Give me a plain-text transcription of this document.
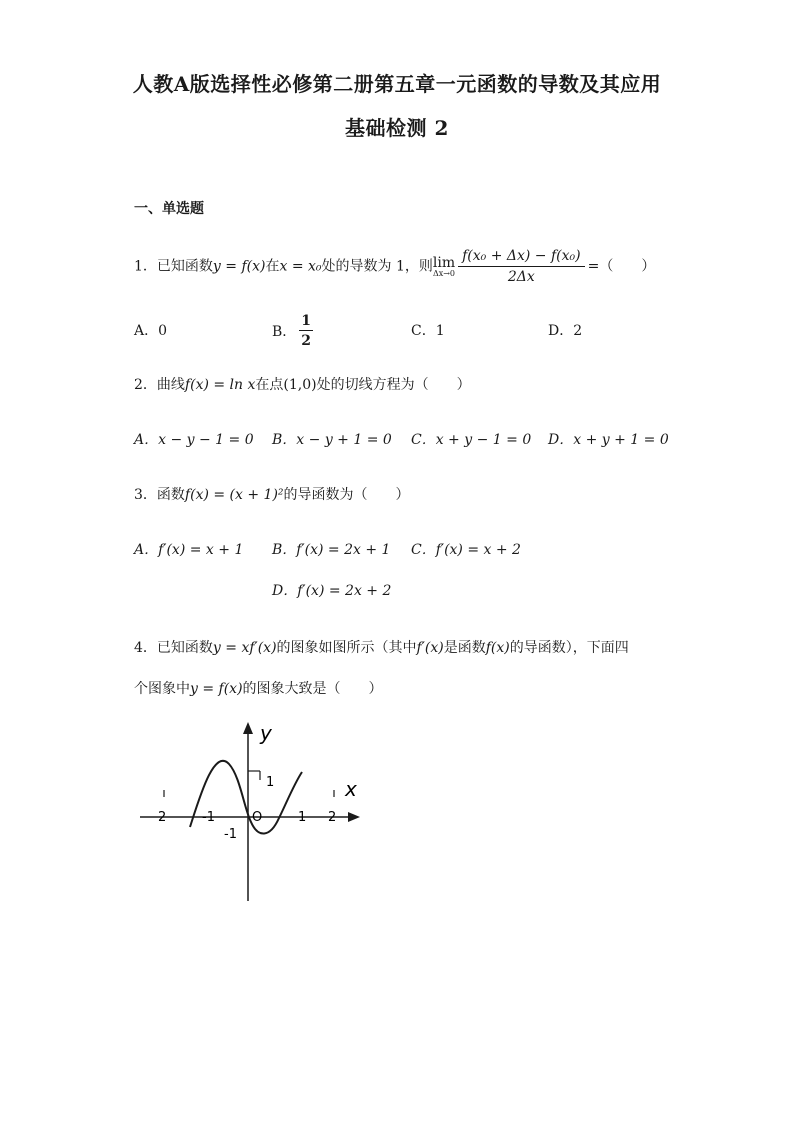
人教A版选择性必修第二册第五章一元函数的导数及其应用
基础检测 2
一、单选题
1．已知函数y = f(x)在x = x₀处的导数为 1，则lim
$\Delta x\to 0 \frac{\text{f(x₀ + Δx) − f(x₀)}}{2\Delta x}$ =（　　）
A．0	B． $\frac{1}{2}$	C．1	D．2
2．曲线f(x) = ln x在点(1,0)处的切线方程为（　　）
A．x − y − 1 = 0 B．x − y + 1 = 0 C．x + y − 1 = 0 D．x + y + 1 = 0
3．函数f(x) = (x + 1)²的导函数为（　　）
A．f′(x) = x + 1 B．f′(x) = 2x + 1 C．f′(x) = x + 2
D．f′(x) = 2x + 2
4．已知函数y = xf′(x)的图象如图所示（其中f′(x)是函数f(x)的导函数），下面四
个图象中y = f(x)的图象大致是（　　）
y
x
2	-1	O	1 2
1
-1
